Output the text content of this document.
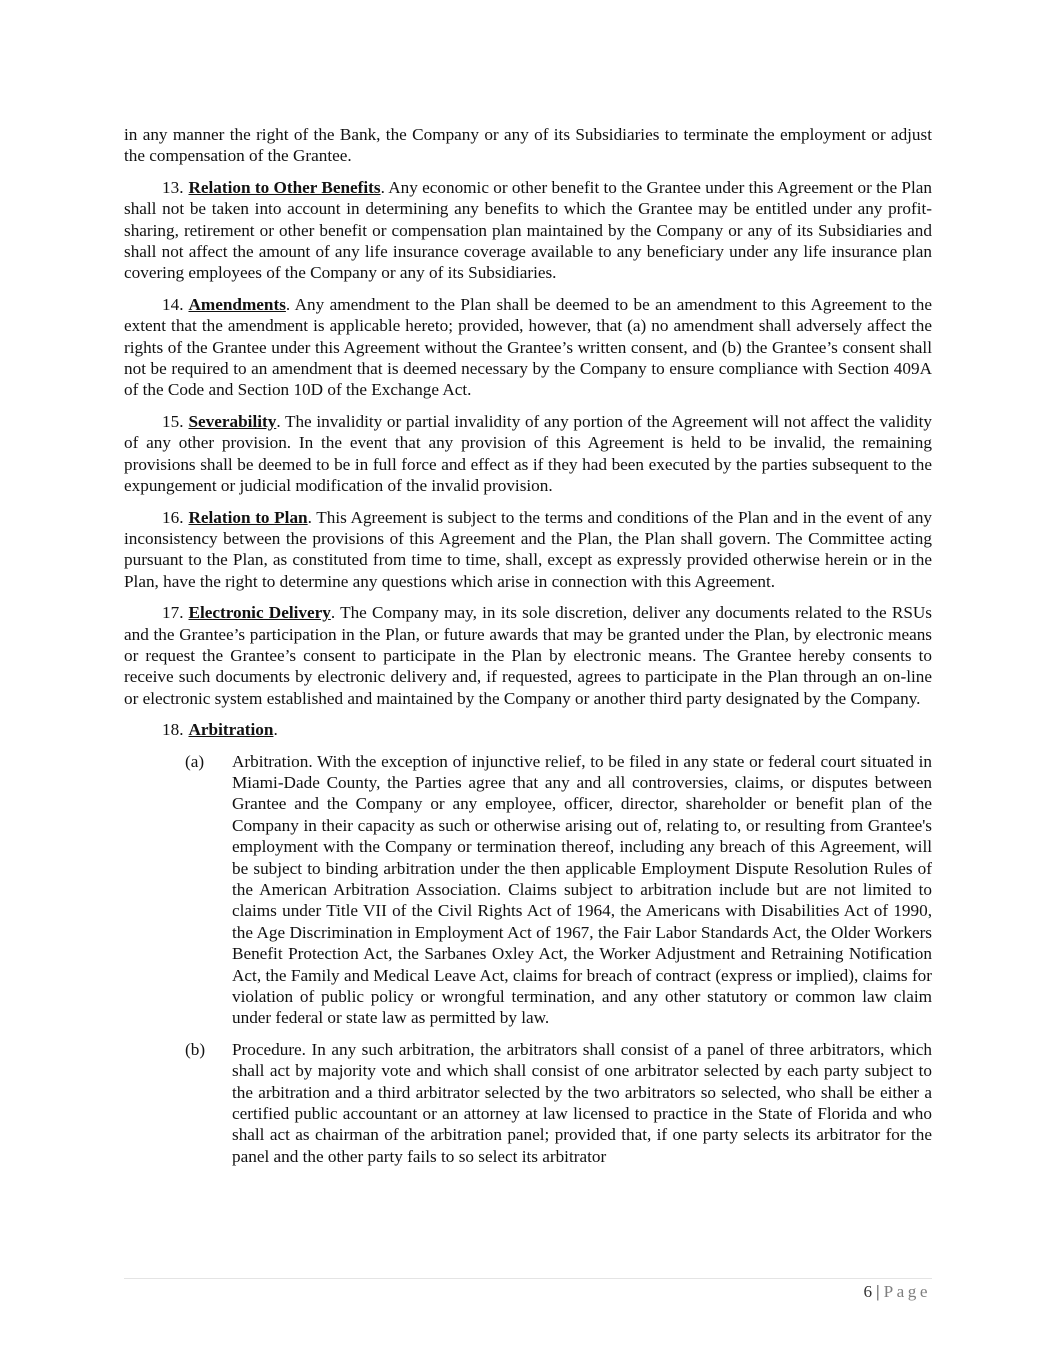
in any manner the right of the Bank, the Company or any of its Subsidiaries to terminate the employment or adjust the compensation of the Grantee.

13. Relation to Other Benefits. Any economic or other benefit to the Grantee under this Agreement or the Plan shall not be taken into account in determining any benefits to which the Grantee may be entitled under any profit-sharing, retirement or other benefit or compensation plan maintained by the Company or any of its Subsidiaries and shall not affect the amount of any life insurance coverage available to any beneficiary under any life insurance plan covering employees of the Company or any of its Subsidiaries.

14. Amendments. Any amendment to the Plan shall be deemed to be an amendment to this Agreement to the extent that the amendment is applicable hereto; provided, however, that (a) no amendment shall adversely affect the rights of the Grantee under this Agreement without the Grantee’s written consent, and (b) the Grantee’s consent shall not be required to an amendment that is deemed necessary by the Company to ensure compliance with Section 409A of the Code and Section 10D of the Exchange Act.

15. Severability. The invalidity or partial invalidity of any portion of the Agreement will not affect the validity of any other provision. In the event that any provision of this Agreement is held to be invalid, the remaining provisions shall be deemed to be in full force and effect as if they had been executed by the parties subsequent to the expungement or judicial modification of the invalid provision.

16. Relation to Plan. This Agreement is subject to the terms and conditions of the Plan and in the event of any inconsistency between the provisions of this Agreement and the Plan, the Plan shall govern. The Committee acting pursuant to the Plan, as constituted from time to time, shall, except as expressly provided otherwise herein or in the Plan, have the right to determine any questions which arise in connection with this Agreement.

17. Electronic Delivery. The Company may, in its sole discretion, deliver any documents related to the RSUs and the Grantee’s participation in the Plan, or future awards that may be granted under the Plan, by electronic means or request the Grantee’s consent to participate in the Plan by electronic means. The Grantee hereby consents to receive such documents by electronic delivery and, if requested, agrees to participate in the Plan through an on-line or electronic system established and maintained by the Company or another third party designated by the Company.

18. Arbitration.

(a) Arbitration. With the exception of injunctive relief, to be filed in any state or federal court situated in Miami-Dade County, the Parties agree that any and all controversies, claims, or disputes between Grantee and the Company or any employee, officer, director, shareholder or benefit plan of the Company in their capacity as such or otherwise arising out of, relating to, or resulting from Grantee's employment with the Company or termination thereof, including any breach of this Agreement, will be subject to binding arbitration under the then applicable Employment Dispute Resolution Rules of the American Arbitration Association. Claims subject to arbitration include but are not limited to claims under Title VII of the Civil Rights Act of 1964, the Americans with Disabilities Act of 1990, the Age Discrimination in Employment Act of 1967, the Fair Labor Standards Act, the Older Workers Benefit Protection Act, the Sarbanes Oxley Act, the Worker Adjustment and Retraining Notification Act, the Family and Medical Leave Act, claims for breach of contract (express or implied), claims for violation of public policy or wrongful termination, and any other statutory or common law claim under federal or state law as permitted by law.
(b) Procedure. In any such arbitration, the arbitrators shall consist of a panel of three arbitrators, which shall act by majority vote and which shall consist of one arbitrator selected by each party subject to the arbitration and a third arbitrator selected by the two arbitrators so selected, who shall be either a certified public accountant or an attorney at law licensed to practice in the State of Florida and who shall act as chairman of the arbitration panel; provided that, if one party selects its arbitrator for the panel and the other party fails to so select its arbitrator
6 | Page
